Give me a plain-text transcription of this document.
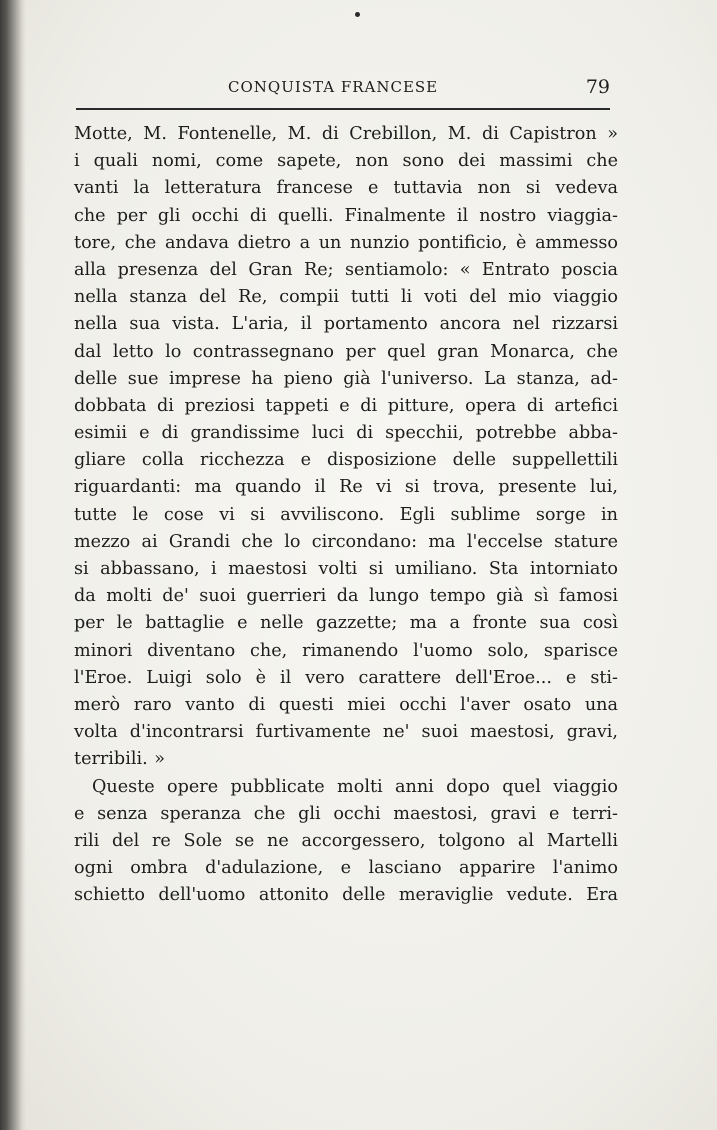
CONQUISTA FRANCESE	79
Motte, M. Fontenelle, M. di Crebillon, M. di Capistron »
i quali nomi, come sapete, non sono dei massimi che
vanti la letteratura francese e tuttavia non si vedeva
che per gli occhi di quelli. Finalmente il nostro viaggia-
tore, che andava dietro a un nunzio pontificio, è ammesso
alla presenza del Gran Re; sentiamolo: « Entrato poscia
nella stanza del Re, compii tutti li voti del mio viaggio
nella sua vista. L'aria, il portamento ancora nel rizzarsi
dal letto lo contrassegnano per quel gran Monarca, che
delle sue imprese ha pieno già l'universo. La stanza, ad-
dobbata di preziosi tappeti e di pitture, opera di artefici
esimii e di grandissime luci di specchii, potrebbe abba-
gliare colla ricchezza e disposizione delle suppellettili
riguardanti: ma quando il Re vi si trova, presente lui,
tutte le cose vi si avviliscono. Egli sublime sorge in
mezzo ai Grandi che lo circondano: ma l'eccelse stature
si abbassano, i maestosi volti si umiliano. Sta intorniato
da molti de' suoi guerrieri da lungo tempo già sì famosi
per le battaglie e nelle gazzette; ma a fronte sua così
minori diventano che, rimanendo l'uomo solo, sparisce
l'Eroe. Luigi solo è il vero carattere dell'Eroe... e sti-
merò raro vanto di questi miei occhi l'aver osato una
volta d'incontrarsi furtivamente ne' suoi maestosi, gravi,
terribili. »
Queste opere pubblicate molti anni dopo quel viaggio
e senza speranza che gli occhi maestosi, gravi e terri-
rili del re Sole se ne accorgessero, tolgono al Martelli
ogni ombra d'adulazione, e lasciano apparire l'animo
schietto dell'uomo attonito delle meraviglie vedute. Era
